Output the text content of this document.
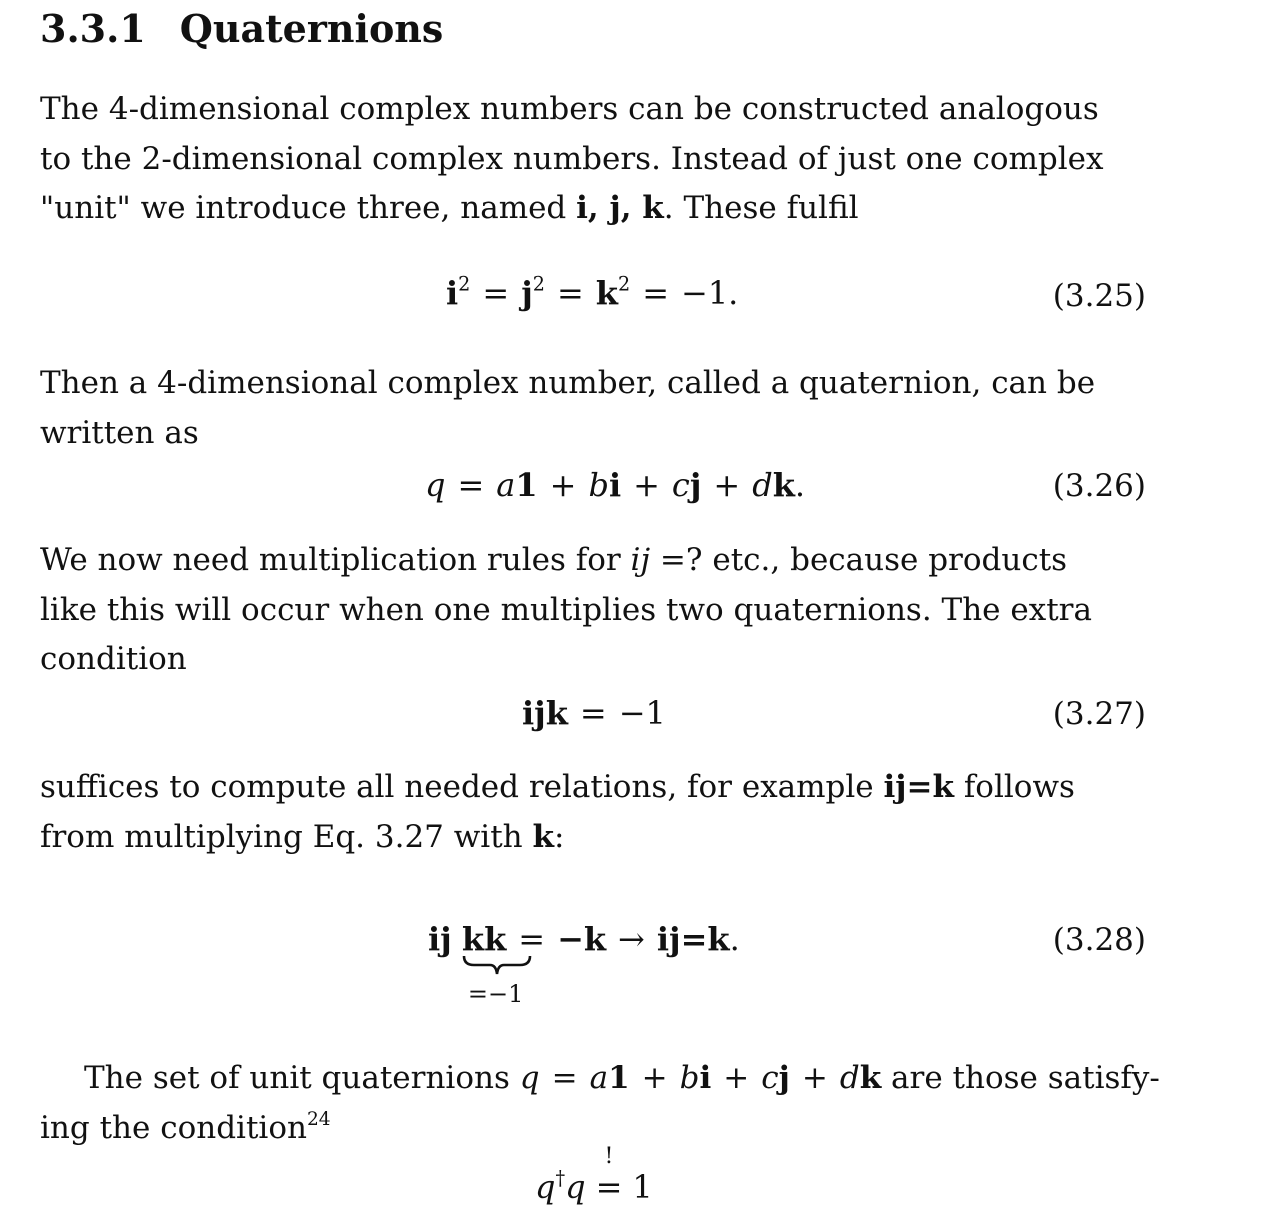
3.3.1 Quaternions

The 4-dimensional complex numbers can be constructed analogous
to the 2-dimensional complex numbers. Instead of just one complex
"unit" we introduce three, named i, j, k. These fulfil

$i^2 = j^2 = k^2 = -1$.	(3.25)

Then a 4-dimensional complex number, called a quaternion, can be
written as

q = a1 + bi + cj + dk.	(3.26)

We now need multiplication rules for ij =? etc., because products
like this will occur when one multiplies two quaternions. The extra
condition

ijk = −1	(3.27)

suffices to compute all needed relations, for example ij=k follows
from multiplying Eq. 3.27 with k:

ij kk
=−1
= −k → ij=k.	(3.28)

The set of unit quaternions q = a1 + bi + cj + dk are those satisfy-
ing the condition$^{24}$

q†q
!
= 1
